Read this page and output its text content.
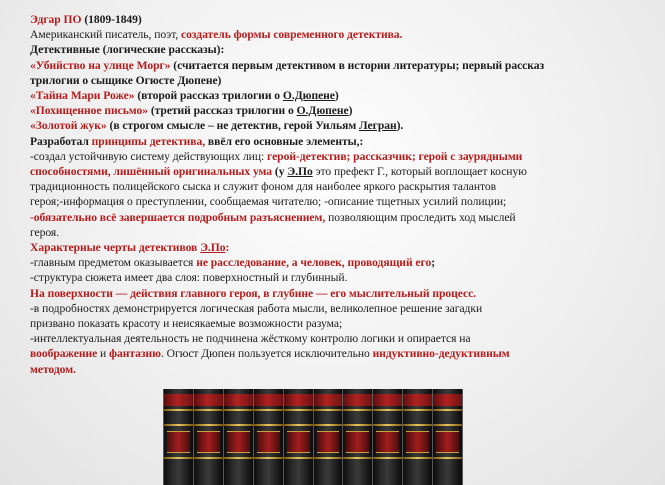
Эдгар ПО (1809-1849)

Американский писатель, поэт, создатель формы современного детектива.

Детективные (логические рассказы):

«Убийство на улице Морг» (считается первым детективом в истории литературы; первый рассказ

трилогии о сыщике Огюсте Дюпене)

«Тайна Мари Роже» (второй рассказ трилогии о О.Дюпене)

«Похищенное письмо» (третий рассказ трилогии о О.Дюпене)

«Золотой жук» (в строгом смысле – не детектив, герой Уильям Легран).

Разработал принципы детектива, ввёл его основные элементы,:

-создал устойчивую систему действующих лиц: герой-детектив; рассказчик; герой с заурядными

способностями, лишённый оригинальных ума (у Э.По это префект Г., который воплощает косную

традиционность полицейского сыска и служит фоном для наиболее яркого раскрытия талантов

героя;-информация о преступлении, сообщаемая читателю; -описание тщетных усилий полиции;

-обязательно всё завершается подробным разъяснением, позволяющим проследить ход мыслей

героя.

Характерные черты детективов Э.По:

-главным предметом оказывается не расследование, а человек, проводящий его;

-структура сюжета имеет два слоя: поверхностный и глубинный.

На поверхности — действия главного героя, в глубине — его мыслительный процесс.

-в подробностях демонстрируется логическая работа мысли, великолепное решение загадки

призвано показать красоту и неисякаемые возможности разума;

-интеллектуальная деятельность не подчинена жёсткому контролю логики и опирается на

воображение и фантазию. Огюст Дюпен пользуется исключительно индуктивно-дедуктивным

методом.
